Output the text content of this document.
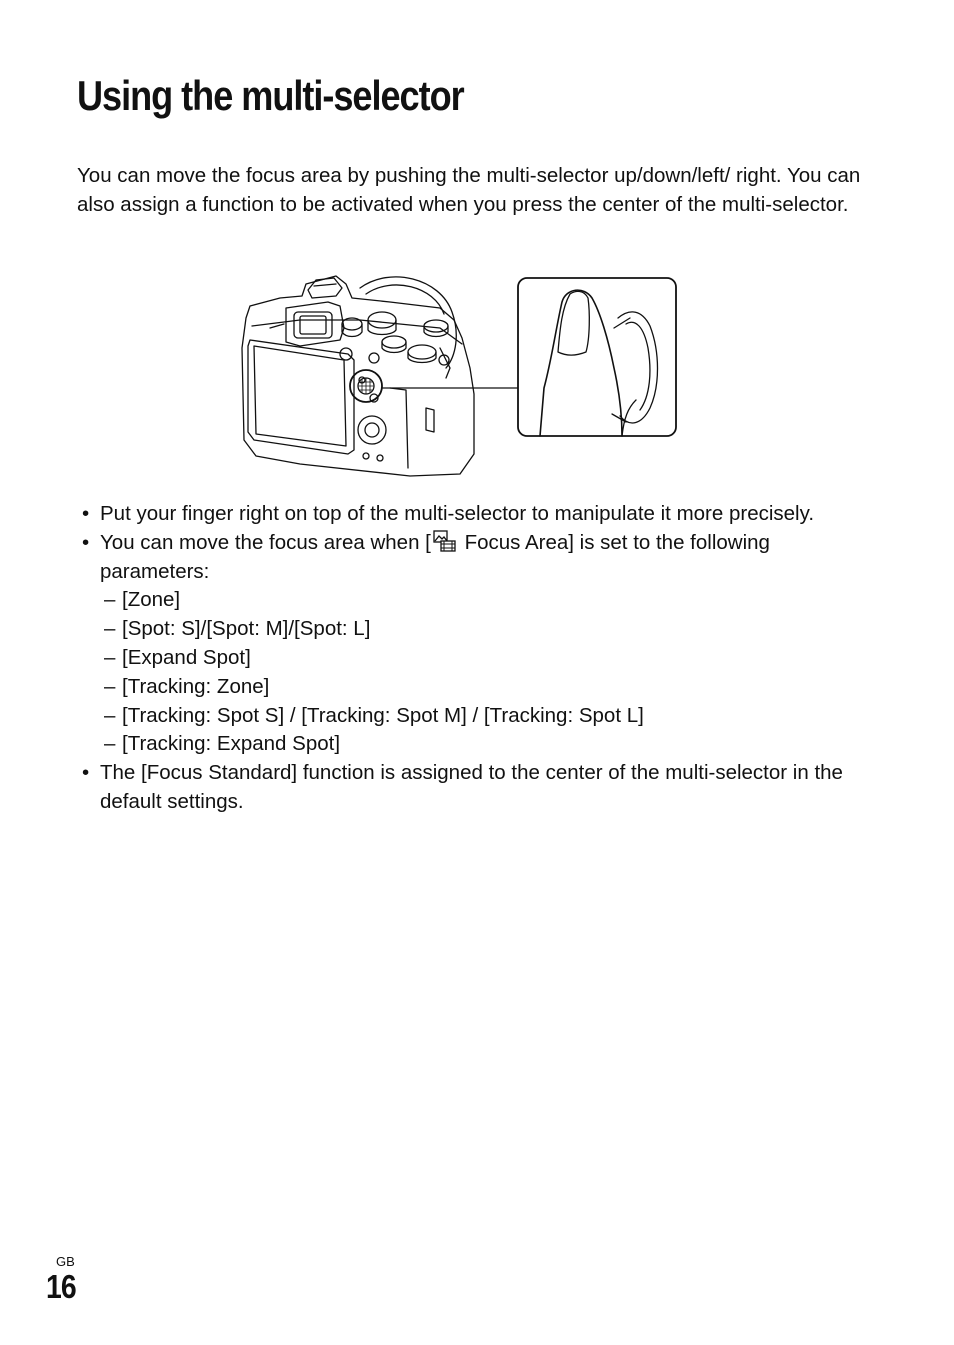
Using the multi-selector

You can move the focus area by pushing the multi-selector up/down/left/ right. You can also assign a function to be activated when you press the center of the multi-selector.

• Put your finger right on top of the multi-selector to manipulate it more precisely.
• You can move the focus area when [
Focus Area] is set to the following parameters:
– [Zone]
– [Spot: S]/[Spot: M]/[Spot: L]
– [Expand Spot]
– [Tracking: Zone]
– [Tracking: Spot S] / [Tracking: Spot M] / [Tracking: Spot L]
– [Tracking: Expand Spot]
• The [Focus Standard] function is assigned to the center of the multi-selector in the default settings.
GB
16
